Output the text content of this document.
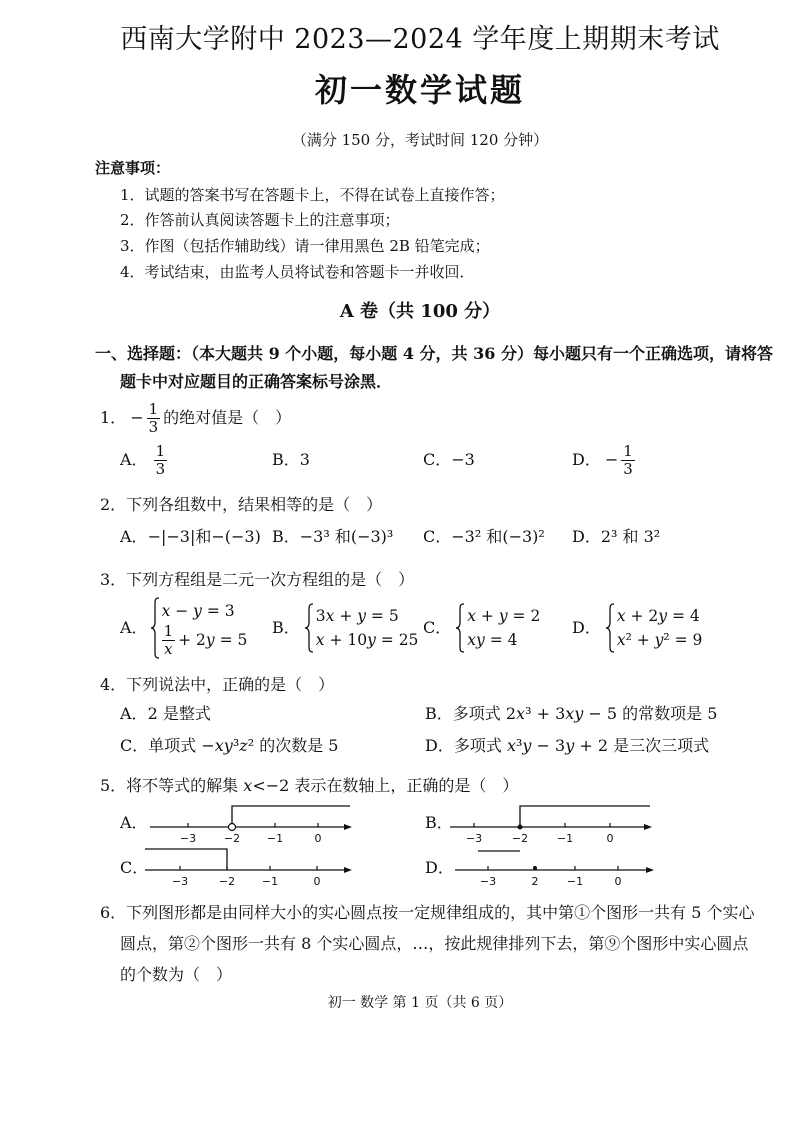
西南大学附中 2023—2024 学年度上期期末考试
初一数学试题
（满分 150 分，考试时间 120 分钟）
注意事项：
1．试题的答案书写在答题卡上，不得在试卷上直接作答；
2．作答前认真阅读答题卡上的注意事项；
3．作图（包括作辅助线）请一律用黑色 2B 铅笔完成；
4．考试结束，由监考人员将试卷和答题卡一并收回．
A 卷（共 100 分）
一、选择题：（本大题共 9 个小题，每小题 4 分，共 36 分）每小题只有一个正确选项，请将答
题卡中对应题目的正确答案标号涂黑．
1． − $\frac{1}{3}$ 的绝对值是（　）
A． $\frac{1}{3}$	B． 3	C． −3	D． − $\frac{1}{3}$
2．下列各组数中，结果相等的是（　）
A．−|−3|和−(−3) B．−3³ 和(−3)³ C．−3² 和(−3)² D．2³ 和 3²
3．下列方程组是二元一次方程组的是（　）
A．
x − y = 3
$\frac{1}{x} + 2y = 5$
B．
3x + y = 5
x + 10y = 25
C．
x + y = 2
xy = 4
D．
x + 2y = 4
x² + y² = 9
4．下列说法中，正确的是（　）
A．2 是整式	B．多项式 2x³ + 3xy − 5 的常数项是 5
C．单项式 −xy³z² 的次数是 5	D．多项式 x³y − 3y + 2 是三次三项式
5．将不等式的解集 x<−2 表示在数轴上，正确的是（　）
A．
−3	−2 −1	0
B．
−3	−2	−1	0
C．
−3	−2 −1	0
D．
−3	2	−1	0
6．下列图形都是由同样大小的实心圆点按一定规律组成的，其中第①个图形一共有 5 个实心
圆点，第②个图形一共有 8 个实心圆点，…，按此规律排列下去，第⑨个图形中实心圆点
的个数为（　）
初一 数学 第 1 页（共 6 页）
